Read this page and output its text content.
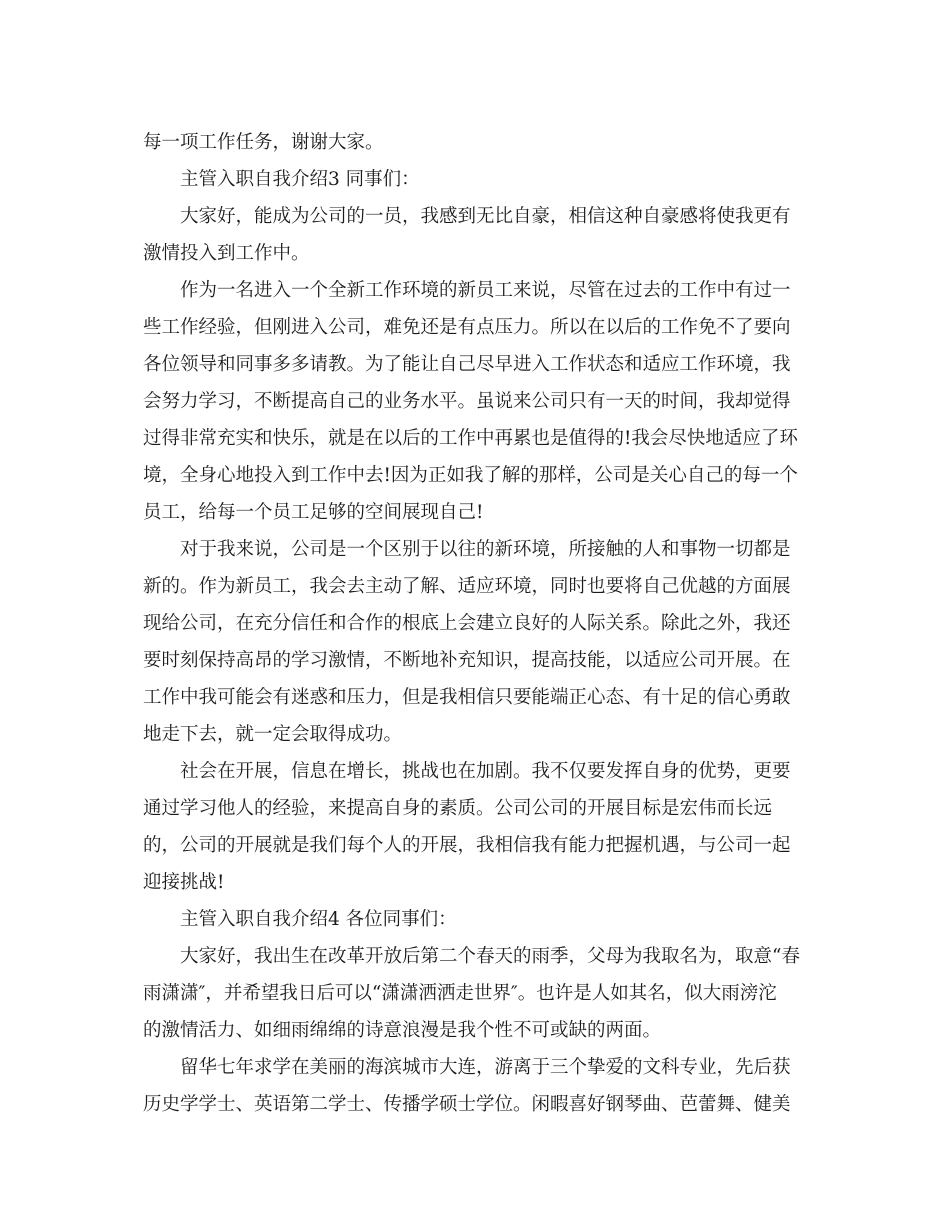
每一项工作任务，谢谢大家。
主管入职自我介绍3 同事们：
大家好，能成为公司的一员，我感到无比自豪，相信这种自豪感将使我更有
激情投入到工作中。
作为一名进入一个全新工作环境的新员工来说，尽管在过去的工作中有过一
些工作经验，但刚进入公司，难免还是有点压力。所以在以后的工作免不了要向
各位领导和同事多多请教。为了能让自己尽早进入工作状态和适应工作环境，我
会努力学习，不断提高自己的业务水平。虽说来公司只有一天的时间，我却觉得
过得非常充实和快乐，就是在以后的工作中再累也是值得的!我会尽快地适应了环
境，全身心地投入到工作中去!因为正如我了解的那样，公司是关心自己的每一个
员工，给每一个员工足够的空间展现自己!
对于我来说，公司是一个区别于以往的新环境，所接触的人和事物一切都是
新的。作为新员工，我会去主动了解、适应环境，同时也要将自己优越的方面展
现给公司，在充分信任和合作的根底上会建立良好的人际关系。除此之外，我还
要时刻保持高昂的学习激情，不断地补充知识，提高技能，以适应公司开展。在
工作中我可能会有迷惑和压力，但是我相信只要能端正心态、有十足的信心勇敢
地走下去，就一定会取得成功。
社会在开展，信息在增长，挑战也在加剧。我不仅要发挥自身的优势，更要
通过学习他人的经验，来提高自身的素质。公司公司的开展目标是宏伟而长远
的，公司的开展就是我们每个人的开展，我相信我有能力把握机遇，与公司一起
迎接挑战!
主管入职自我介绍4 各位同事们：
大家好，我出生在改革开放后第二个春天的雨季，父母为我取名为，取意“春
雨潇潇″，并希望我日后可以“潇潇洒洒走世界″。也许是人如其名，似大雨滂沱
的激情活力、如细雨绵绵的诗意浪漫是我个性不可或缺的两面。
留华七年求学在美丽的海滨城市大连，游离于三个挚爱的文科专业，先后获
历史学学士、英语第二学士、传播学硕士学位。闲暇喜好钢琴曲、芭蕾舞、健美
